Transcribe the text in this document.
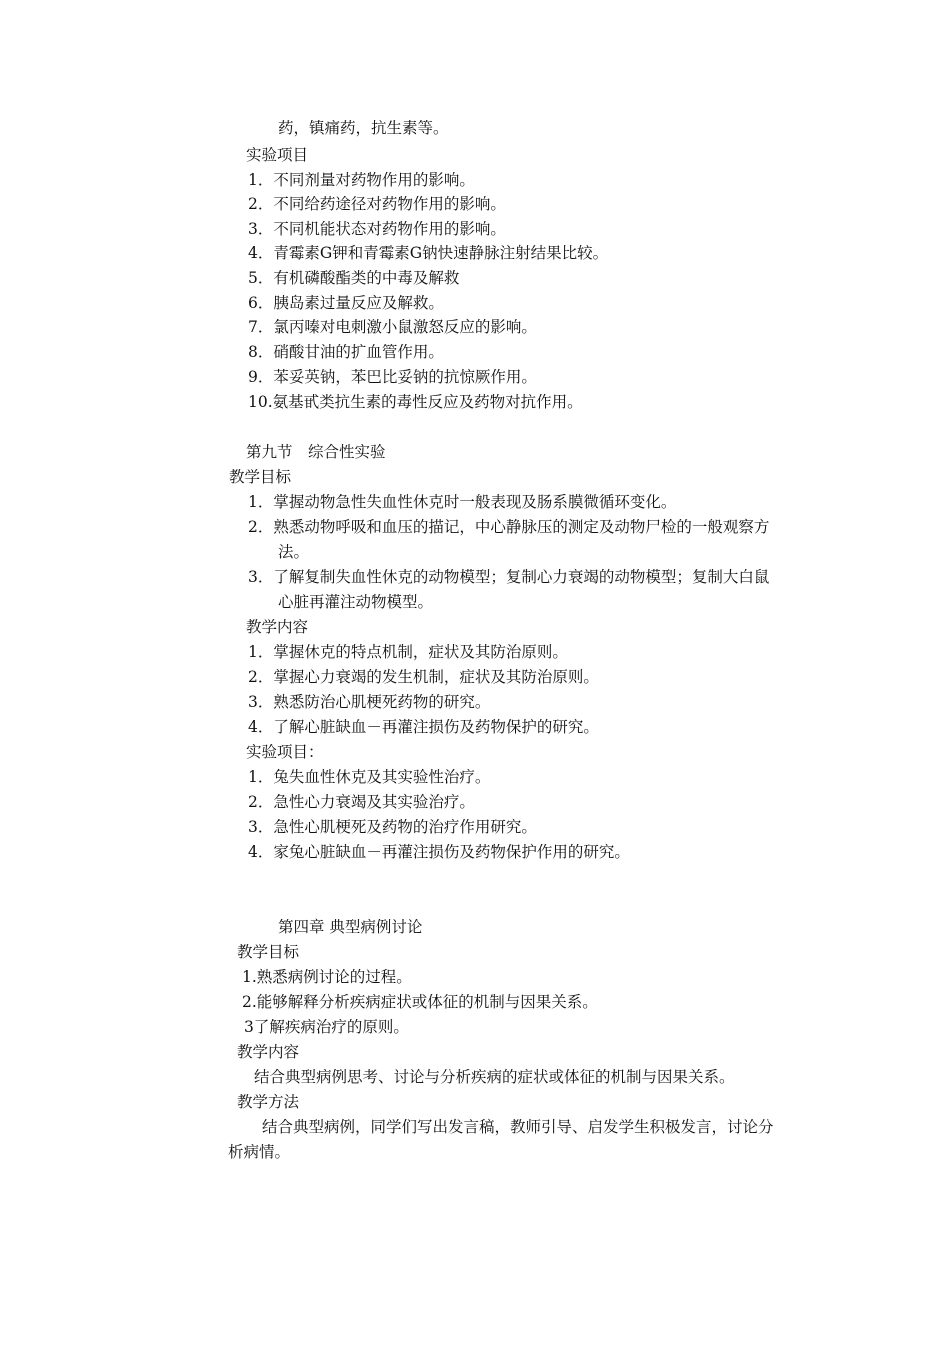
药，镇痛药，抗生素等。
实验项目
1．不同剂量对药物作用的影响。
2．不同给药途径对药物作用的影响。
3．不同机能状态对药物作用的影响。
4．青霉素G钾和青霉素G钠快速静脉注射结果比较。
5．有机磷酸酯类的中毒及解救
6．胰岛素过量反应及解救。
7．氯丙嗪对电刺激小鼠激怒反应的影响。
8．硝酸甘油的扩血管作用。
9．苯妥英钠，苯巴比妥钠的抗惊厥作用。
10.氨基甙类抗生素的毒性反应及药物对抗作用。
第九节　综合性实验
教学目标
1．掌握动物急性失血性休克时一般表现及肠系膜微循环变化。
2．熟悉动物呼吸和血压的描记，中心静脉压的测定及动物尸检的一般观察方
法。
3．了解复制失血性休克的动物模型；复制心力衰竭的动物模型；复制大白鼠
心脏再灌注动物模型。
教学内容
1．掌握休克的特点机制，症状及其防治原则。
2．掌握心力衰竭的发生机制，症状及其防治原则。
3．熟悉防治心肌梗死药物的研究。
4．了解心脏缺血－再灌注损伤及药物保护的研究。
实验项目：
1．兔失血性休克及其实验性治疗。
2．急性心力衰竭及其实验治疗。
3．急性心肌梗死及药物的治疗作用研究。
4．家兔心脏缺血－再灌注损伤及药物保护作用的研究。
第四章 典型病例讨论
教学目标
1.熟悉病例讨论的过程。
2.能够解释分析疾病症状或体征的机制与因果关系。
3了解疾病治疗的原则。
教学内容
结合典型病例思考、讨论与分析疾病的症状或体征的机制与因果关系。
教学方法
结合典型病例，同学们写出发言稿，教师引导、启发学生积极发言，讨论分
析病情。
